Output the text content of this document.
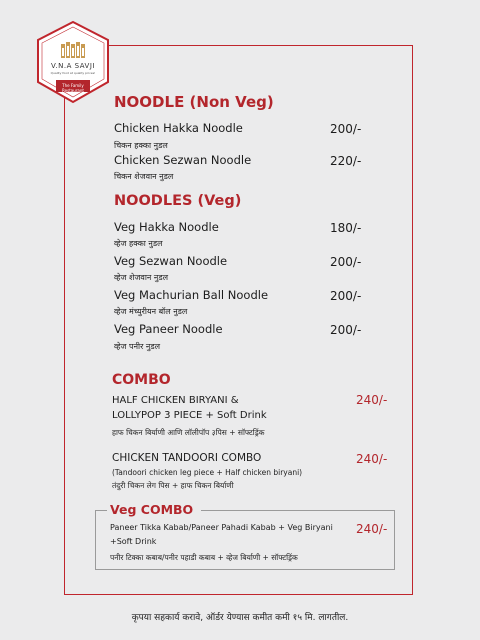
V.N.A SAVJI
Quality food at quality prices!
The Family
Restaurant
NOODLE (Non Veg)
Chicken Hakka Noodle	200/-
चिकन हक्का नुडल
Chicken Sezwan Noodle	220/-
चिकन शेजवान नुडल
NOODLES (Veg)
Veg Hakka Noodle	180/-
व्हेज हक्का नुडल
Veg Sezwan Noodle	200/-
व्हेज शेजवान नुडल
Veg Machurian Ball Noodle	200/-
व्हेज मंच्युरीयन बॉल नुडल
Veg Paneer Noodle	200/-
व्हेज पनीर नुडल
COMBO
HALF CHICKEN BIRYANI &
LOLLYPOP 3 PIECE + Soft Drink
हाफ चिकन बिर्याणी आणि लॉलीपॉप ३पिस + सॉफ्टड्रिंक
240/-
CHICKEN TANDOORI COMBO
(Tandoori chicken leg piece + Half chicken biryani)
तंदुरी चिकन लेग पिस + हाफ चिकन बिर्याणी
240/-
Veg COMBO
Paneer Tikka Kabab/Paneer Pahadi Kabab + Veg Biryani
+Soft Drink
पनीर टिक्का कबाब/पनीर पहाडी कबाब + व्हेज बिर्याणी + सॉफ्टड्रिंक
240/-
कृपया सहकार्य करावे, ऑर्डर येण्यास कमीत कमी १५ मि. लागतील.
